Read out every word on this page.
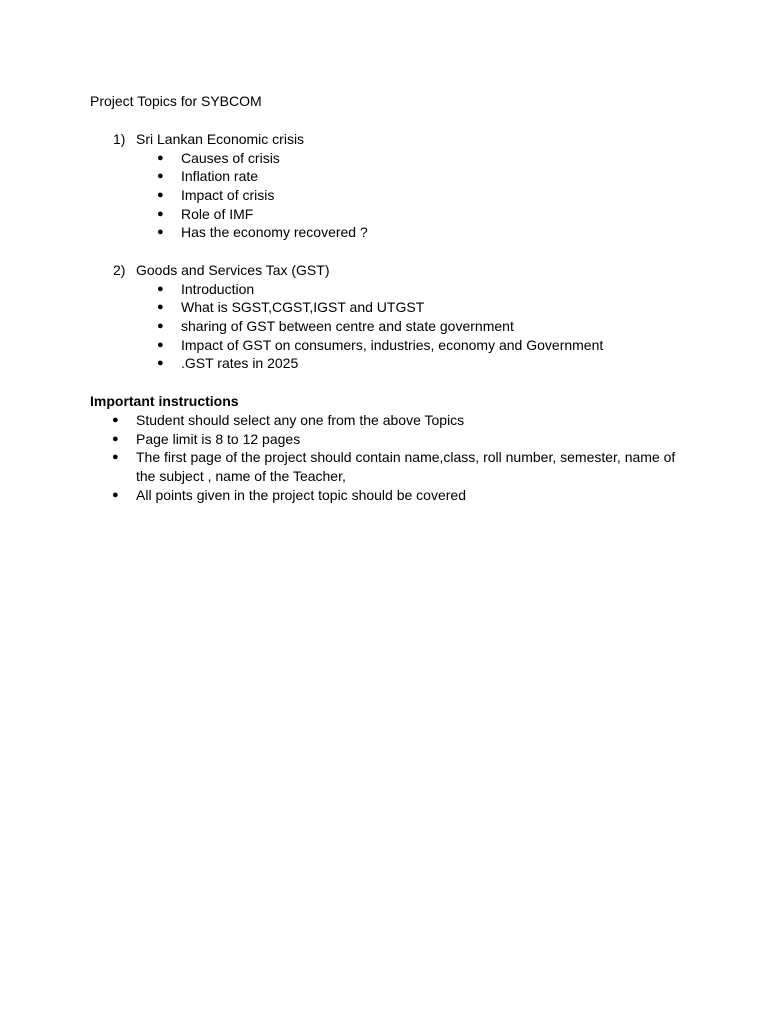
Project Topics for SYBCOM
1) Sri Lankan Economic crisis
● Causes of crisis
● Inflation rate
● Impact of crisis
● Role of IMF
● Has the economy recovered ?
2) Goods and Services Tax (GST)
● Introduction
● What is SGST,CGST,IGST and UTGST
● sharing of GST between centre and state government
● Impact of GST on consumers, industries, economy and Government
● .GST rates in 2025
Important instructions
● Student should select any one from the above Topics
● Page limit is 8 to 12 pages
● The first page of the project should contain name,class, roll number, semester, name of the subject , name of the Teacher,
● All points given in the project topic should be covered
